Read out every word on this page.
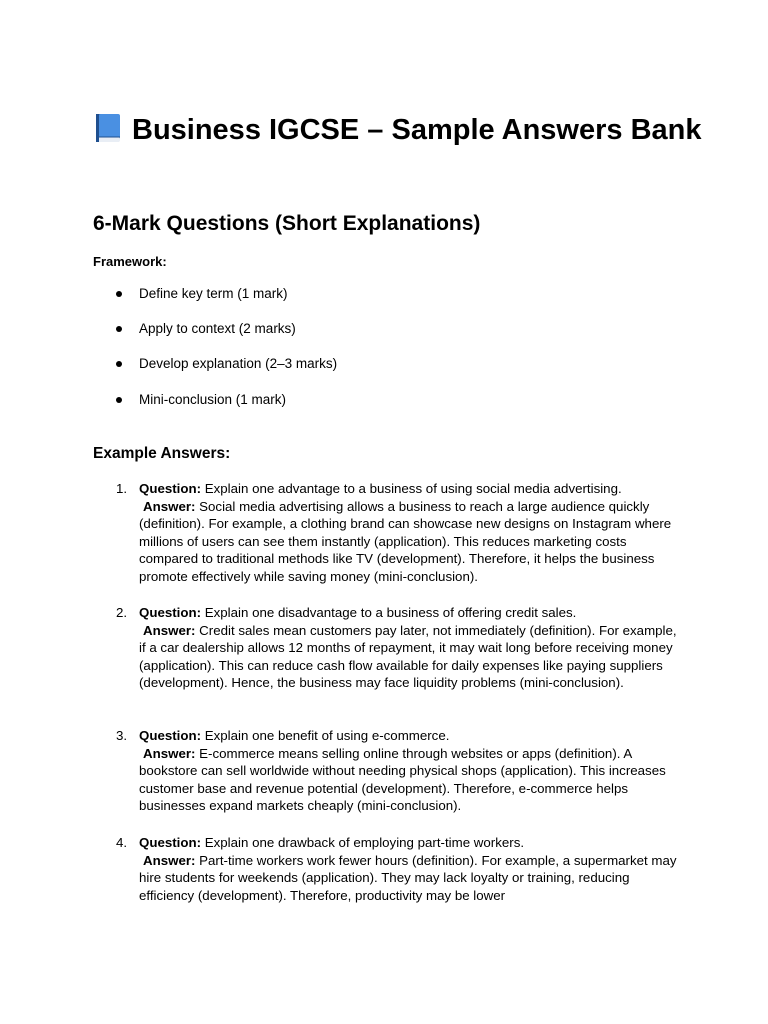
Business IGCSE – Sample Answers Bank
6-Mark Questions (Short Explanations)
Framework:
Define key term (1 mark)
Apply to context (2 marks)
Develop explanation (2–3 marks)
Mini-conclusion (1 mark)
Example Answers:
1. Question: Explain one advantage to a business of using social media advertising.

Answer: Social media advertising allows a business to reach a large audience quickly (definition). For example, a clothing brand can showcase new designs on Instagram where millions of users can see them instantly (application). This reduces marketing costs compared to traditional methods like TV (development). Therefore, it helps the business promote effectively while saving money (mini-conclusion).

2. Question: Explain one disadvantage to a business of offering credit sales.

Answer: Credit sales mean customers pay later, not immediately (definition). For example, if a car dealership allows 12 months of repayment, it may wait long before receiving money (application). This can reduce cash flow available for daily expenses like paying suppliers (development). Hence, the business may face liquidity problems (mini-conclusion).

3. Question: Explain one benefit of using e-commerce.

Answer: E-commerce means selling online through websites or apps (definition). A bookstore can sell worldwide without needing physical shops (application). This increases customer base and revenue potential (development). Therefore, e-commerce helps businesses expand markets cheaply (mini-conclusion).

4. Question: Explain one drawback of employing part-time workers.

Answer: Part-time workers work fewer hours (definition). For example, a supermarket may hire students for weekends (application). They may lack loyalty or training, reducing efficiency (development). Therefore, productivity may be lower
